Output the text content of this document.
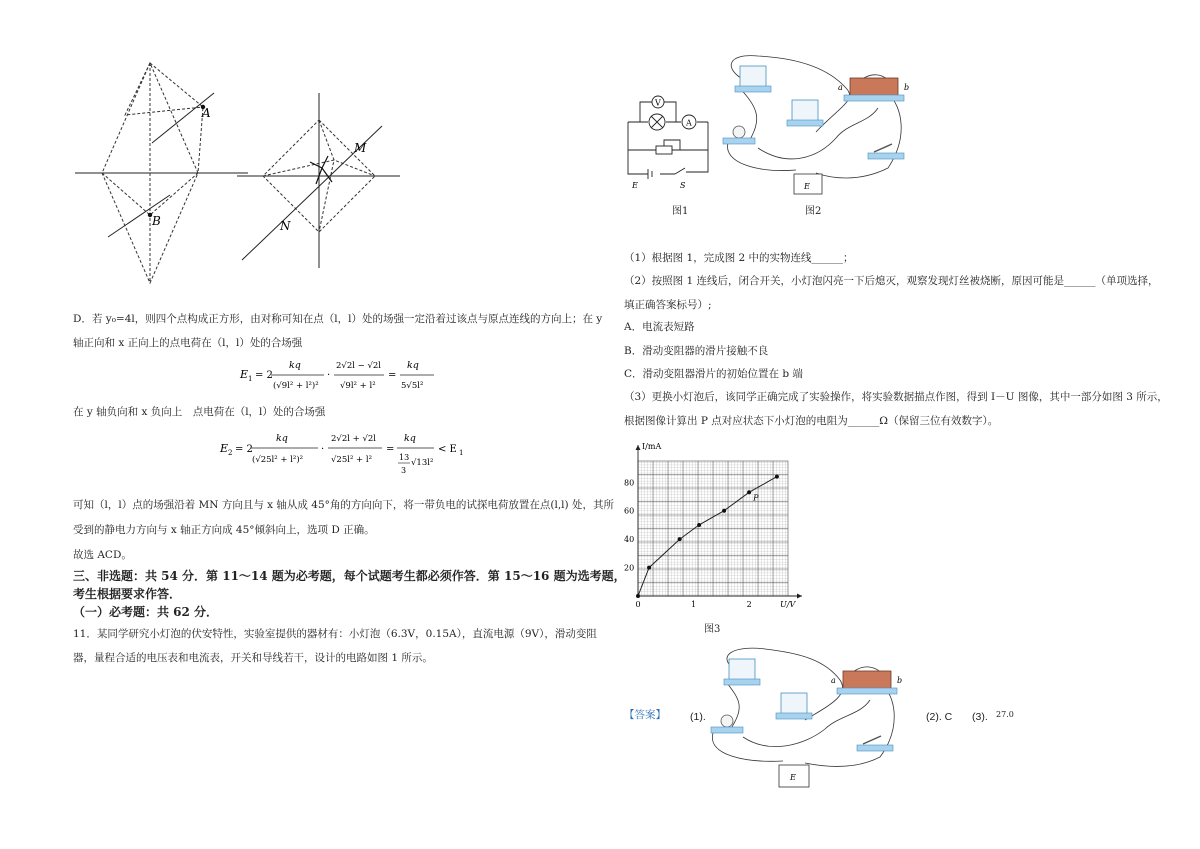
A
B
M
N
D．若 y₀=4l，则四个点构成正方形，由对称可知在点（l，l）处的场强一定沿着过该点与原点连线的方向上；在 y
轴正向和 x 正向上的点电荷在（l，l）处的合场强
E 1 = 2
kq
(√9l² + l²)²
·
2√2l − √2l
√9l² + l²
=
kq
5√5l²
在 y 轴负向和 x 负向上　点电荷在（l，l）处的合场强
E 2 = 2
kq
(√25l² + l²)²
·
2√2l + √2l
√25l² + l²
=
kq
13
3
√13l²
< E 1
可知（l，l）点的场强沿着 MN 方向且与 x 轴从成 45°角的方向向下，将一带负电的试探电荷放置在点(l,l) 处，其所
受到的静电力方向与 x 轴正方向成 45°倾斜向上，选项 D 正确。
故选 ACD。
三、非选题：共 54 分．第 11～14 题为必考题，每个试题考生都必须作答．第 15～16 题为选考题，
考生根据要求作答．
（一）必考题：共 62 分．
11．某同学研究小灯泡的伏安特性，实验室提供的器材有：小灯泡（6.3V，0.15A），直流电源（9V），滑动变阻
器，量程合适的电压表和电流表，开关和导线若干，设计的电路如图 1 所示。
V
A
E	S
图1
a	b
E
图2
（1）根据图 1，完成图 2 中的实物连线______；
（2）按照图 1 连线后，闭合开关，小灯泡闪亮一下后熄灭，观察发现灯丝被烧断，原因可能是______（单项选择，
填正确答案标号）;
A．电流表短路
B．滑动变阻器的滑片接触不良
C．滑动变阻器滑片的初始位置在 b 端
（3）更换小灯泡后，该同学正确完成了实验操作，将实验数据描点作图，得到 I－U 图像，其中一部分如图 3 所示，
根据图像计算出 P 点对应状态下小灯泡的电阻为______Ω（保留三位有效数字）。
0	1	2
20
40
60
80
I/mA
U/V
P
图3
【答案】 (1).
a	b
E
(2). C (3). 27.0
